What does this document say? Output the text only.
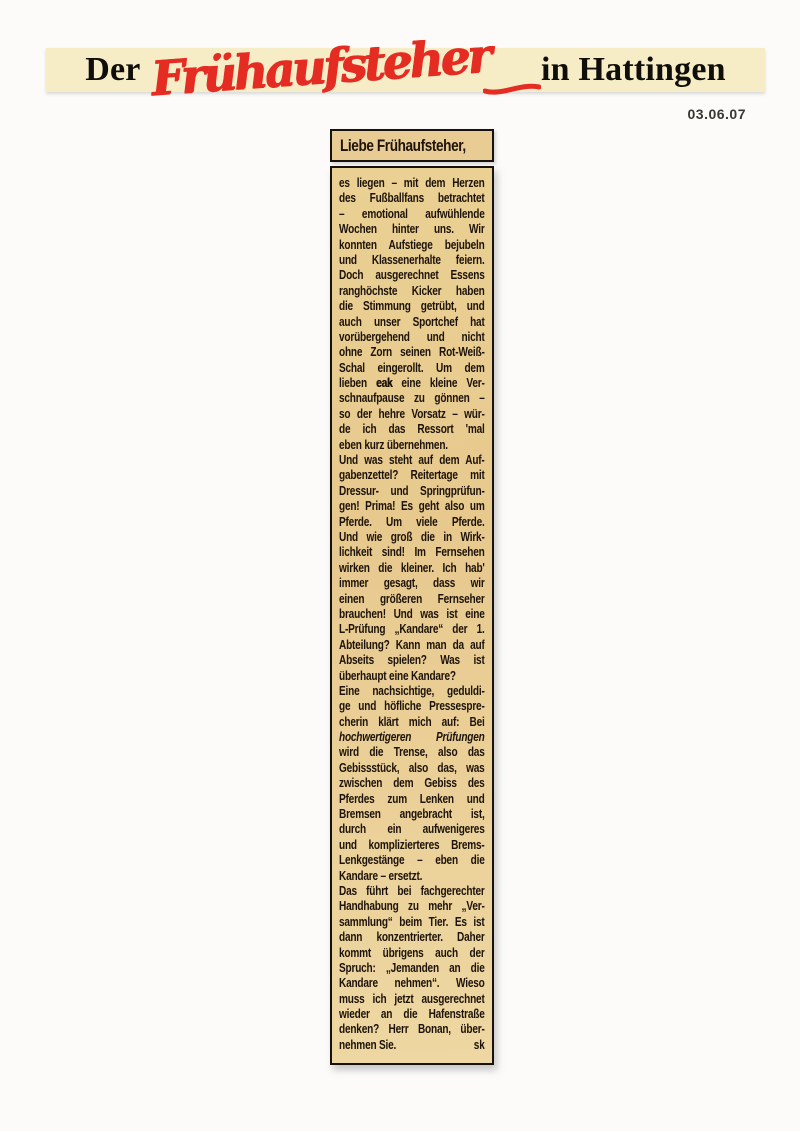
Der Frühaufsteher in Hattingen
03.06.07
Liebe Frühaufsteher,
es liegen – mit dem Herzen
des Fußballfans betrachtet
– emotional aufwühlende
Wochen hinter uns. Wir
konnten Aufstiege bejubeln
und Klassenerhalte feiern.
Doch ausgerechnet Essens
ranghöchste Kicker haben
die Stimmung getrübt, und
auch unser Sportchef hat
vorübergehend und nicht
ohne Zorn seinen Rot-Weiß-
Schal eingerollt. Um dem
lieben eak eine kleine Ver-
schnaufpause zu gönnen –
so der hehre Vorsatz – wür-
de ich das Ressort 'mal
eben kurz übernehmen.
Und was steht auf dem Auf-
gabenzettel? Reitertage mit
Dressur- und Springprüfun-
gen! Prima! Es geht also um
Pferde. Um viele Pferde.
Und wie groß die in Wirk-
lichkeit sind! Im Fernsehen
wirken die kleiner. Ich hab'
immer gesagt, dass wir
einen größeren Fernseher
brauchen! Und was ist eine
L-Prüfung „Kandare“ der 1.
Abteilung? Kann man da auf
Abseits spielen? Was ist
überhaupt eine Kandare?
Eine nachsichtige, geduldi-
ge und höfliche Pressespre-
cherin klärt mich auf: Bei
hochwertigeren Prüfungen
wird die Trense, also das
Gebissstück, also das, was
zwischen dem Gebiss des
Pferdes zum Lenken und
Bremsen angebracht ist,
durch ein aufwenigeres
und komplizierteres Brems-
Lenkgestänge – eben die
Kandare – ersetzt.
Das führt bei fachgerechter
Handhabung zu mehr „Ver-
sammlung“ beim Tier. Es ist
dann konzentrierter. Daher
kommt übrigens auch der
Spruch: „Jemanden an die
Kandare nehmen“. Wieso
muss ich jetzt ausgerechnet
wieder an die Hafenstraße
denken? Herr Bonan, über-
nehmen Sie.	sk
